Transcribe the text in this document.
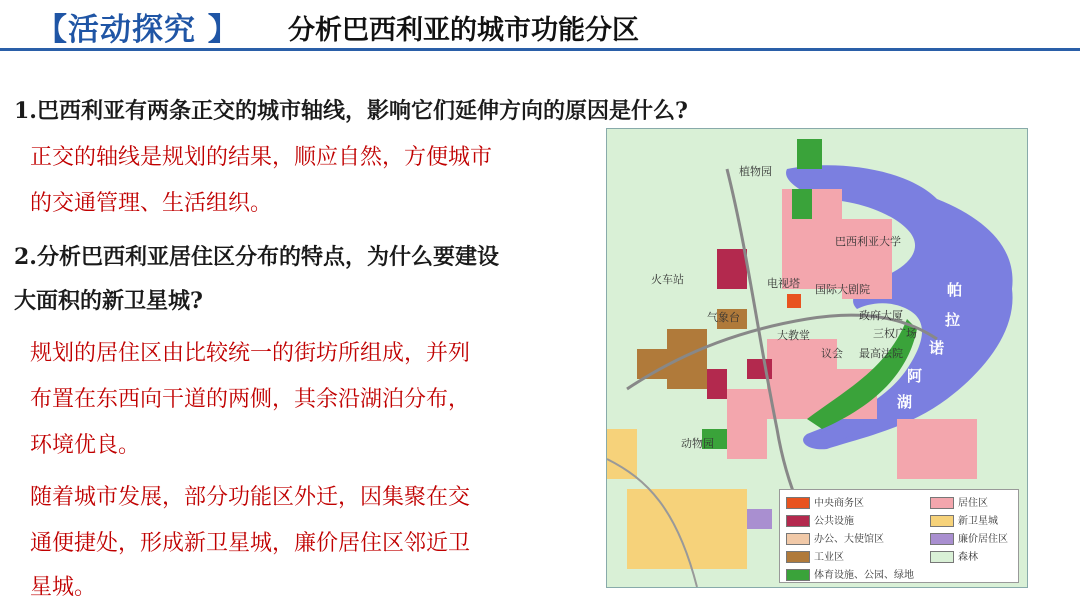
【活动探究 】 分析巴西利亚的城市功能分区
1.巴西利亚有两条正交的城市轴线，影响它们延伸方向的原因是什么?
正交的轴线是规划的结果，顺应自然，方便城市
的交通管理、生活组织。
2.分析巴西利亚居住区分布的特点，为什么要建设
大面积的新卫星城?
规划的居住区由比较统一的街坊所组成，并列
布置在东西向干道的两侧，其余沿湖泊分布，
环境优良。
随着城市发展，部分功能区外迁，因集聚在交
通便捷处，形成新卫星城，廉价居住区邻近卫
星城。
植物园
巴西利亚大学
火车站	电视塔 国际大剧院
气象台	政府大厦
三权广场
大教堂
议会 最高法院
动物园
帕
拉
诺
阿
湖
中央商务区
公共设施
办公、大使馆区
工业区
体育设施、公园、绿地
居住区
新卫星城
廉价居住区
森林
